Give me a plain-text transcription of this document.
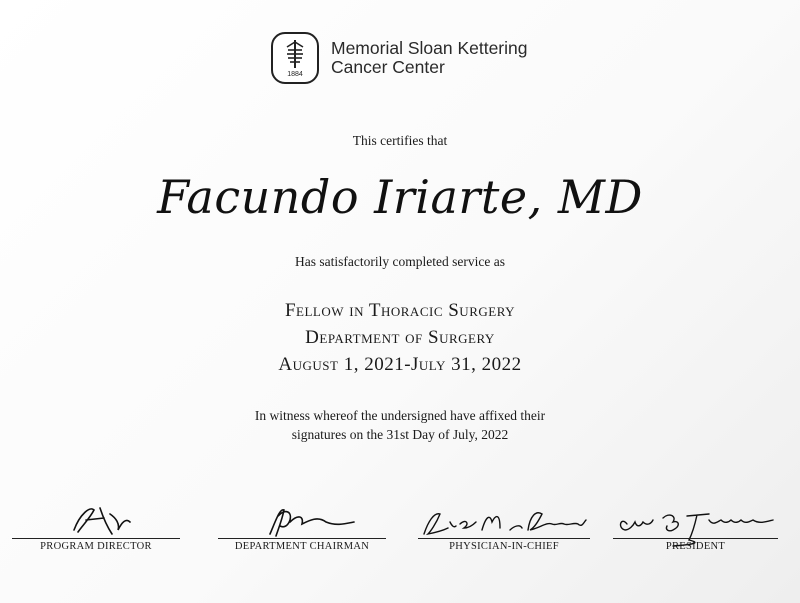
1884
Memorial Sloan Kettering
Cancer Center
This certifies that
Facundo Iriarte, MD
Has satisfactorily completed service as
Fellow in Thoracic Surgery
Department of Surgery
August 1, 2021-July 31, 2022
In witness whereof the undersigned have affixed their
signatures on the 31st Day of July, 2022
PROGRAM DIRECTOR	DEPARTMENT CHAIRMAN	PHYSICIAN-IN-CHIEF	PRESIDENT
